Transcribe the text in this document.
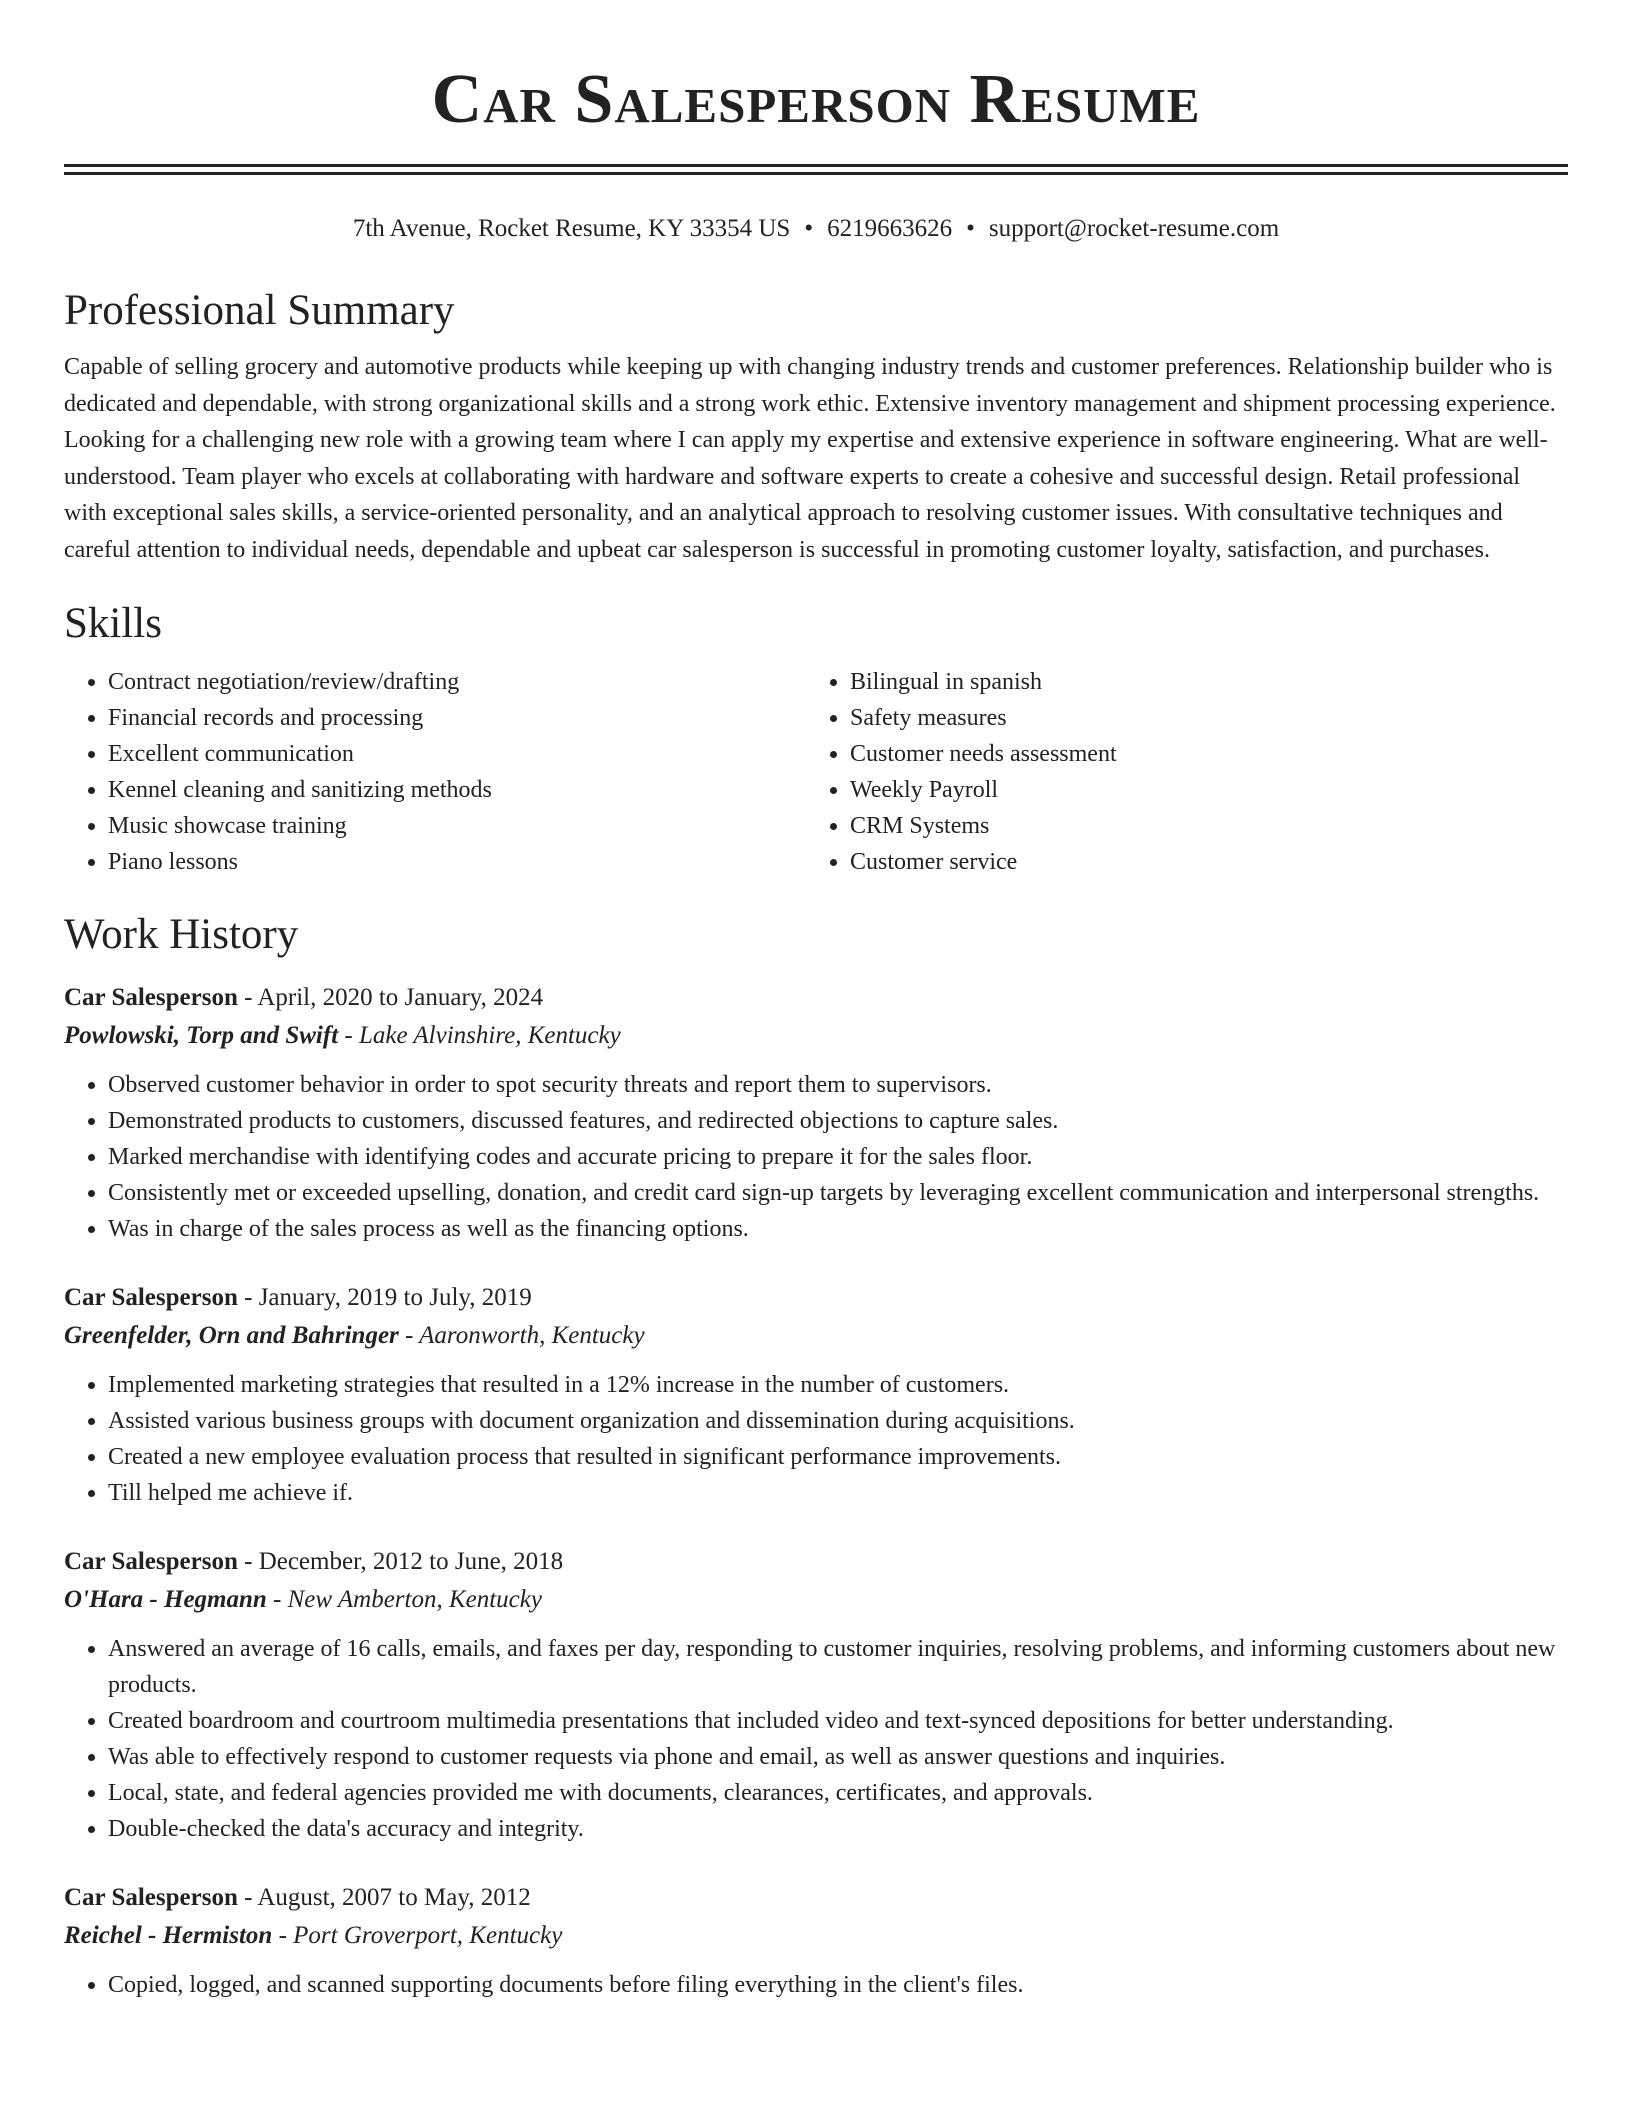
Car Salesperson Resume
7th Avenue, Rocket Resume, KY 33354 US • 6219663626 • support@rocket-resume.com
Professional Summary

Capable of selling grocery and automotive products while keeping up with changing industry trends and customer preferences. Relationship builder who is dedicated and dependable, with strong organizational skills and a strong work ethic. Extensive inventory management and shipment processing experience. Looking for a challenging new role with a growing team where I can apply my expertise and extensive experience in software engineering. What are well-understood. Team player who excels at collaborating with hardware and software experts to create a cohesive and successful design. Retail professional with exceptional sales skills, a service-oriented personality, and an analytical approach to resolving customer issues. With consultative techniques and careful attention to individual needs, dependable and upbeat car salesperson is successful in promoting customer loyalty, satisfaction, and purchases.

Skills
• Contract negotiation/review/drafting
• Financial records and processing
• Excellent communication
• Kennel cleaning and sanitizing methods
• Music showcase training
• Piano lessons
• Bilingual in spanish
• Safety measures
• Customer needs assessment
• Weekly Payroll
• CRM Systems
• Customer service
Work History
Car Salesperson - April, 2020 to January, 2024
Powlowski, Torp and Swift - Lake Alvinshire, Kentucky
• Observed customer behavior in order to spot security threats and report them to supervisors.
• Demonstrated products to customers, discussed features, and redirected objections to capture sales.
• Marked merchandise with identifying codes and accurate pricing to prepare it for the sales floor.
• Consistently met or exceeded upselling, donation, and credit card sign-up targets by leveraging excellent communication and interpersonal strengths.
• Was in charge of the sales process as well as the financing options.
Car Salesperson - January, 2019 to July, 2019
Greenfelder, Orn and Bahringer - Aaronworth, Kentucky
• Implemented marketing strategies that resulted in a 12% increase in the number of customers.
• Assisted various business groups with document organization and dissemination during acquisitions.
• Created a new employee evaluation process that resulted in significant performance improvements.
• Till helped me achieve if.
Car Salesperson - December, 2012 to June, 2018
O'Hara - Hegmann - New Amberton, Kentucky
• Answered an average of 16 calls, emails, and faxes per day, responding to customer inquiries, resolving problems, and informing customers about new products.
• Created boardroom and courtroom multimedia presentations that included video and text-synced depositions for better understanding.
• Was able to effectively respond to customer requests via phone and email, as well as answer questions and inquiries.
• Local, state, and federal agencies provided me with documents, clearances, certificates, and approvals.
• Double-checked the data's accuracy and integrity.
Car Salesperson - August, 2007 to May, 2012
Reichel - Hermiston - Port Groverport, Kentucky
• Copied, logged, and scanned supporting documents before filing everything in the client's files.
